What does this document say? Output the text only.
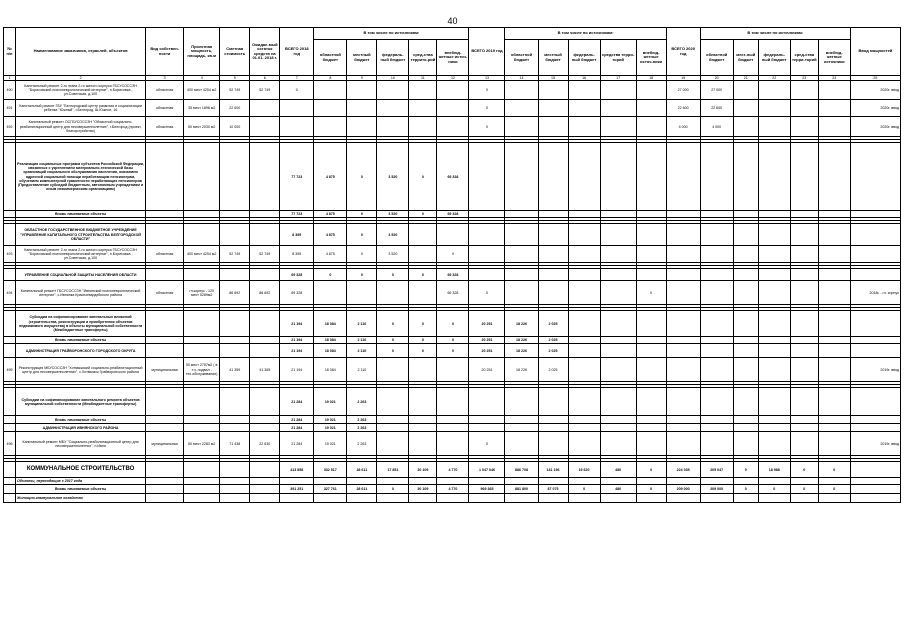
40
№ п/п	Наименование заказчиков, отраслей, объектов	Вид собствен-ности	Проектная мощность, площадь, кв.м	Сметная стоимость	Ожидае-мый остаток средств на 01.01. 2018 г.	ВСЕГО 2018 год	В том числе по источникам:					ВСЕГО 2019 год	В том числе по источникам:					ВСЕГО 2020 год	В том числе по источникам:					Ввод мощностей
							областной бюджет	местный бюджет	федераль-ный бюджет	сред-ства террито-рий	внебюд-жетные источ-ники		областной бюджет	местный бюджет	федераль-ный бюджет	средства терри-торий	внебюд-жетные источ-ники		областной бюджет	мест-ный бюджет	федераль-ный бюджет	сред-ства терри-торий	внебюд-жетные источники	
1	2	3	4	5	6	7	8	9	10	11	12	13	14	15	16	17	18	19	20	21	22	23	24	25
490	Капитальный ремонт 2-го этапа 2-го жилого корпуса ГБСУСОССЗН "Борисовский психоневрологический интернат", п.Борисовка , ул.Советская, д.100	областная	400 мест 4254 м2	52 749	52 749	0						0						27 000	27 000					2020г. ввод
491	Капитальный ремонт ГБУ "Белгородский центр развития и социализации ребенка "Южный", г.Белгород, Ш.Южное, 16	областная	35 мест 1896 м2	22 600								0						22 600	22 600					2020г. ввод
492	Капитальный ремонт ОСГБУСОССЗН "Областной социально-реабилитационный центр для несовершеннолетних", г.Белгород (проект, благоустройство)	областная	50 мест 2030 м2	10 000								0						4 000	4 000					2020г. ввод

	Реализация социальных программ субъектов Российской Федерации, связанных с укреплением материально-технической базы организаций социального обслуживания населения, оказанием адресной социальной помощи неработающим пенсионерам, обучением компьютерной грамотности неработающих пенсионеров (Предоставление субсидий бюджетным, автономным учреждениям и иным некоммерческим организациям)					77 723	4 875	0	3 520	0	69 328													
	Вновь начинаемые объекты					77 723	4 875	0	3 520	0	69 328													

	ОБЛАСТНОЕ ГОСУДАРСТВЕННОЕ БЮДЖЕТНОЕ УЧРЕЖДЕНИЕ "УПРАВЛЕНИЕ КАПИТАЛЬНОГО СТРОИТЕЛЬСТВА БЕЛГОРОДСКОЙ ОБЛАСТИ"					8 395	4 875	0	3 520															
493	Капитальный ремонт 2-го этапа 2-го жилого корпуса ГБСУСОССЗН "Борисовский психоневрологический интернат", п.Борисовка , ул.Советская, д.100	областная	400 мест 4254 м2	52 749	52 749	8 395	4 875	0	3 520		0													

	УПРАВЛЕНИЕ СОЦИАЛЬНОЙ ЗАЩИТЫ НАСЕЛЕНИЯ ОБЛАСТИ					69 328	0	0	0	0	69 328													
494	Капитальный ремонт ГБСУСОССЗН "Ивнянский психоневрологический интернат", с.Ивнянка Красногвардейского района	областная	гл.корпус - 120 мест 5289м2	86 692	86 692	69 328					69 328	0					0							2018г. - гл. корпус

	Субсидии на софинансирование капитальных вложений (строительства, реконструкции и приобретения объектов недвижимого имущества) в объекты муниципальной собственности (Межбюджетные трансферты)					21 194	18 084	2 110	0	0	0	20 251	18 226	2 025										
	Вновь начинаемые объекты					21 194	18 084	2 110	0	0	0	20 251	18 226	2 025										
	АДМИНИСТРАЦИЯ ГРАЙВОРОНСКОГО ГОРОДСКОГО ОКРУГА					21 194	18 084	2 110	0	0	0	20 251	18 226	2 025										
495	Реконструкция МБУСОССЗН "Хотмыжский социально-реабилитационный центр для несовершеннолетних", с.Хотмыжск Грайворонского района	муниципальная	50 мест 2757м2 ( в т.ч. подвал - тех.обслуживание)	41 359	41 365	21 194	18 084	2 110				20 251	18 226	2 025										2019г. ввод

	Субсидии на софинансирование капитального ремонта объектов муниципальной собственности (Межбюджетные трансферты)					21 284	19 021	2 263																
	Вновь начинаемые объекты					21 284	19 021	2 263																
	АДМИНИСТРАЦИЯ ИВНЯНСКОГО РАЙОНА					21 284	19 021	2 263																
496	Капитальный ремонт МБУ "Социально-реабилитационный центр для несовершеннолетних", п.Ивня	муниципальная	50 мест 2283 м2	71 438	22 630	21 284	19 021	2 263				0												2019г. ввод

	КОММУНАЛЬНОЕ СТРОИТЕЛЬСТВО					413 858	332 517	28 611	17 851	30 109	4 770	1 047 046	886 708	141 196	19 620	480	0	224 035	205 047	0	18 988	0	0	
	Объекты, переходящие с 2017 года																							
	Вновь начинаемые объекты					391 251	327 761	28 611	0	30 109	4 770	969 365	881 800	87 075	0	480	0	209 000	209 000	0	0	0	0	
	Жилищно-коммунальное хозяйство																							
